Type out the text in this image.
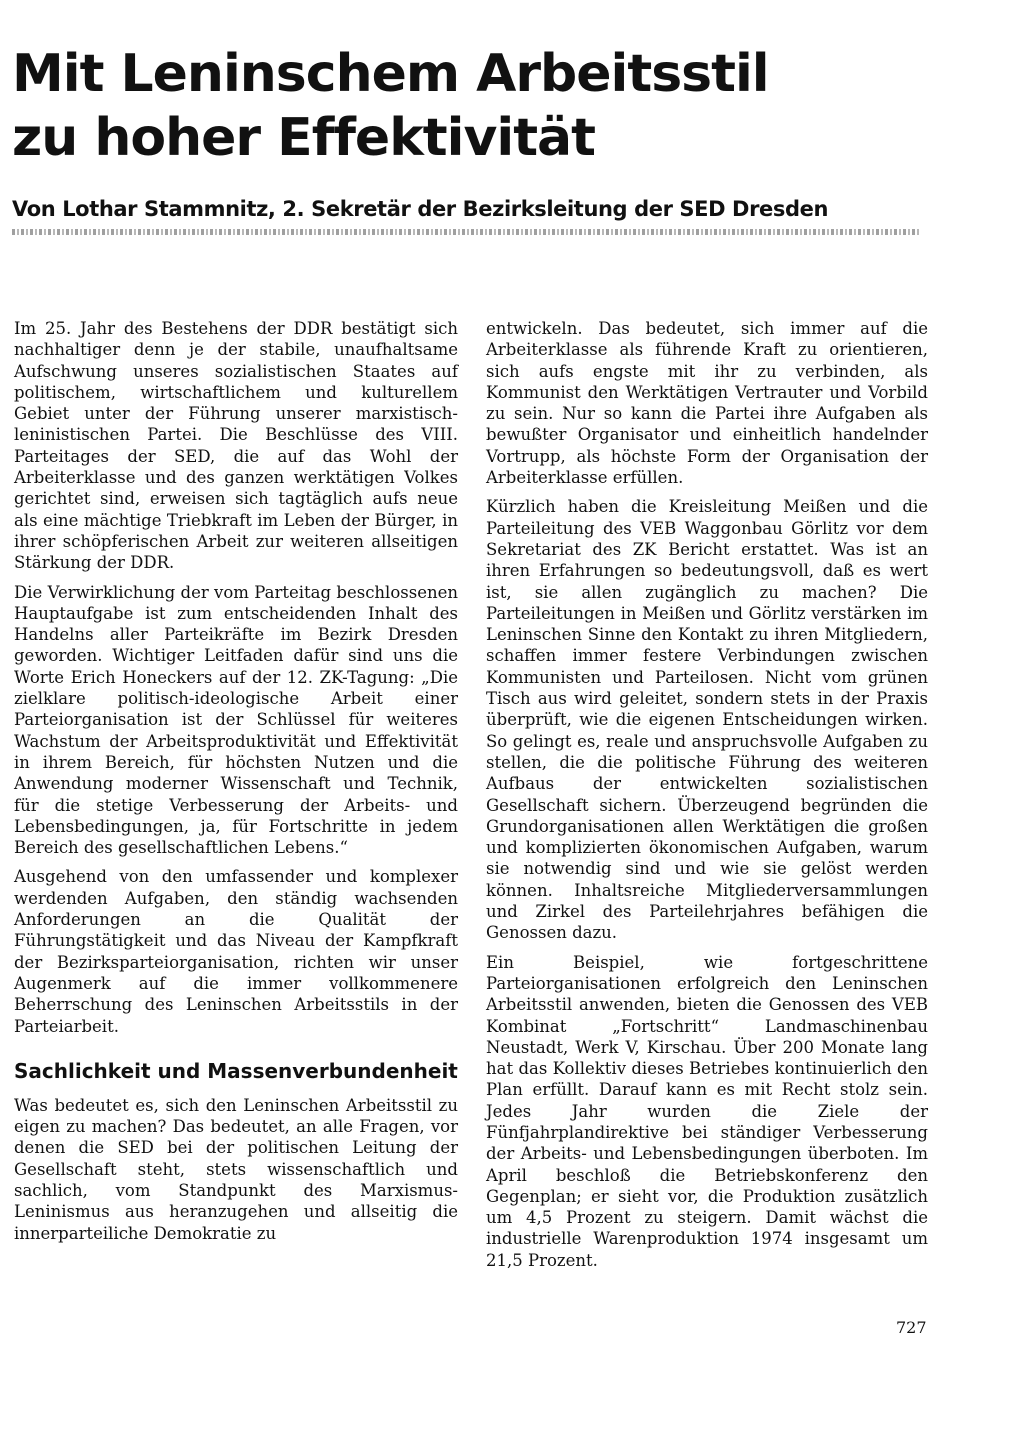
Mit Leninschem Arbeitsstil
zu hoher Effektivität
Von Lothar Stammnitz, 2. Sekretär der Bezirksleitung der SED Dresden

Im 25. Jahr des Bestehens der DDR bestätigt sich nachhaltiger denn je der stabile, unaufhaltsame Aufschwung unseres sozialistischen Staates auf politischem, wirtschaftlichem und kulturellem Gebiet unter der Führung unserer marxistisch-leninistischen Partei. Die Beschlüsse des VIII. Parteitages der SED, die auf das Wohl der Arbeiterklasse und des ganzen werktätigen Volkes gerichtet sind, erweisen sich tagtäglich aufs neue als eine mächtige Triebkraft im Leben der Bürger, in ihrer schöpferischen Arbeit zur weiteren allseitigen Stärkung der DDR.

Die Verwirklichung der vom Parteitag beschlossenen Hauptaufgabe ist zum entscheidenden Inhalt des Handelns aller Parteikräfte im Bezirk Dresden geworden. Wichtiger Leitfaden dafür sind uns die Worte Erich Honeckers auf der 12. ZK-Tagung: „Die zielklare politisch-ideologische Arbeit einer Parteiorganisation ist der Schlüssel für weiteres Wachstum der Arbeitsproduktivität und Effektivität in ihrem Bereich, für höchsten Nutzen und die Anwendung moderner Wissenschaft und Technik, für die stetige Verbesserung der Arbeits- und Lebensbedingungen, ja, für Fortschritte in jedem Bereich des gesellschaftlichen Lebens.“

Ausgehend von den umfassender und komplexer werdenden Aufgaben, den ständig wachsenden Anforderungen an die Qualität der Führungstätigkeit und das Niveau der Kampfkraft der Bezirksparteiorganisation, richten wir unser Augenmerk auf die immer vollkommenere Beherrschung des Leninschen Arbeitsstils in der Parteiarbeit.

Sachlichkeit und Massenverbundenheit

Was bedeutet es, sich den Leninschen Arbeitsstil zu eigen zu machen? Das bedeutet, an alle Fragen, vor denen die SED bei der politischen Leitung der Gesellschaft steht, stets wissenschaftlich und sachlich, vom Standpunkt des Marxismus-Leninismus aus heranzugehen und allseitig die innerparteiliche Demokratie zu

entwickeln. Das bedeutet, sich immer auf die Arbeiterklasse als führende Kraft zu orientieren, sich aufs engste mit ihr zu verbinden, als Kommunist den Werktätigen Vertrauter und Vorbild zu sein. Nur so kann die Partei ihre Aufgaben als bewußter Organisator und einheitlich handelnder Vortrupp, als höchste Form der Organisation der Arbeiterklasse erfüllen.

Kürzlich haben die Kreisleitung Meißen und die Parteileitung des VEB Waggonbau Görlitz vor dem Sekretariat des ZK Bericht erstattet. Was ist an ihren Erfahrungen so bedeutungsvoll, daß es wert ist, sie allen zugänglich zu machen? Die Parteileitungen in Meißen und Görlitz verstärken im Leninschen Sinne den Kontakt zu ihren Mitgliedern, schaffen immer festere Verbindungen zwischen Kommunisten und Parteilosen. Nicht vom grünen Tisch aus wird geleitet, sondern stets in der Praxis überprüft, wie die eigenen Entscheidungen wirken. So gelingt es, reale und anspruchsvolle Aufgaben zu stellen, die die politische Führung des weiteren Aufbaus der entwickelten sozialistischen Gesellschaft sichern. Überzeugend begründen die Grundorganisationen allen Werktätigen die großen und komplizierten ökonomischen Aufgaben, warum sie notwendig sind und wie sie gelöst werden können. Inhaltsreiche Mitgliederversammlungen und Zirkel des Parteilehrjahres befähigen die Genossen dazu.

Ein Beispiel, wie fortgeschrittene Parteiorganisationen erfolgreich den Leninschen Arbeitsstil anwenden, bieten die Genossen des VEB Kombinat „Fortschritt“ Landmaschinenbau Neustadt, Werk V, Kirschau. Über 200 Monate lang hat das Kollektiv dieses Betriebes kontinuierlich den Plan erfüllt. Darauf kann es mit Recht stolz sein. Jedes Jahr wurden die Ziele der Fünfjahrplandirektive bei ständiger Verbesserung der Arbeits- und Lebensbedingungen überboten. Im April beschloß die Betriebskonferenz den Gegenplan; er sieht vor, die Produktion zusätzlich um 4,5 Prozent zu steigern. Damit wächst die industrielle Warenproduktion 1974 insgesamt um 21,5 Prozent.

727
